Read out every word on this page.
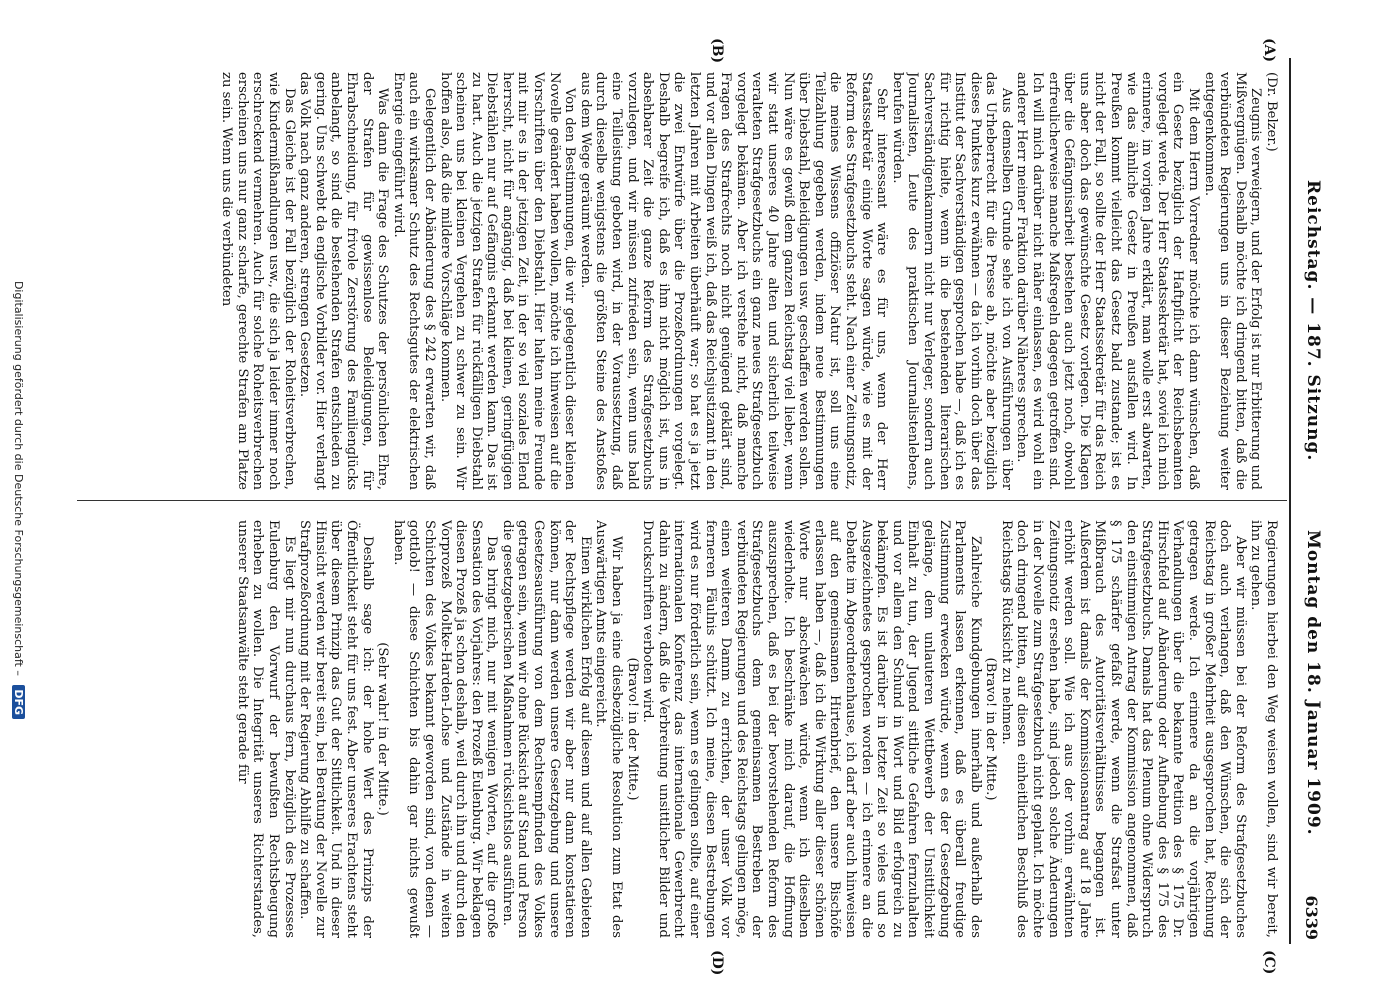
Reichstag. — 187. Sitzung.
Montag den 18. Januar 1909.
6339
(A)
(B)
(C)
(D)

(Dr. Belzer.)

Zeugnis verweigern, und der Erfolg ist nur Erbitterung und Mißvergnügen. Deshalb möchte ich dringend bitten, daß die verbündeten Regierungen uns in dieser Beziehung weiter entgegenkommen.

Mit dem Herrn Vorredner möchte ich dann wünschen, daß ein Gesetz bezüglich der Haftpflicht der Reichsbeamten vorgelegt werde. Der Herr Staatssekretär hat, soviel ich mich erinnere, im vorigen Jahre erklärt, man wolle erst abwarten, wie das ähnliche Gesetz in Preußen ausfallen wird. In Preußen kommt vielleicht das Gesetz bald zustande; ist es nicht der Fall, so sollte der Herr Staatssekretär für das Reich uns aber doch das gewünschte Gesetz vorlegen. Die Klagen über die Gefängnisarbeit bestehen auch jetzt noch, obwohl erfreulicherweise manche Maßregeln dagegen getroffen sind. Ich will mich darüber nicht näher einlassen, es wird wohl ein anderer Herr meiner Fraktion darüber Näheres sprechen.

Aus demselben Grunde sehe ich von Ausführungen über das Urheberrecht für die Presse ab, möchte aber bezüglich dieses Punktes kurz erwähnen — da ich vorhin doch über das Institut der Sachverständigen gesprochen habe —, daß ich es für richtig hielte, wenn in die bestehenden literarischen Sachverständigenkammern nicht nur Verleger, sondern auch Journalisten, Leute des praktischen Journalistenlebens, berufen würden.

Sehr interessant wäre es für uns, wenn der Herr Staatssekretär einige Worte sagen würde, wie es mit der Reform des Strafgesetzbuchs steht. Nach einer Zeitungsnotiz, die meines Wissens offiziöser Natur ist, soll uns eine Teilzahlung gegeben werden, indem neue Bestimmungen über Diebstahl, Beleidigungen usw. geschaffen werden sollen. Nun wäre es gewiß dem ganzen Reichstag viel lieber, wenn wir statt unseres 40 Jahre alten und sicherlich teilweise veralteten Strafgesetzbuchs ein ganz neues Strafgesetzbuch vorgelegt bekämen. Aber ich verstehe nicht, daß manche Fragen des Strafrechts noch nicht genügend geklärt sind, und vor allen Dingen weiß ich, daß das Reichsjustizamt in den letzten Jahren mit Arbeiten überhäuft war; so hat es ja jetzt die zwei Entwürfe über die Prozeßordnungen vorgelegt. Deshalb begreife ich, daß es ihm nicht möglich ist, uns in absehbarer Zeit die ganze Reform des Strafgesetzbuchs vorzulegen, und wir müssen zufrieden sein, wenn uns bald eine Teilleistung geboten wird, in der Voraussetzung, daß durch dieselbe wenigstens die größten Steine des Anstoßes aus dem Wege geräumt werden.

Von den Bestimmungen, die wir gelegentlich dieser kleinen Novelle geändert haben wollen, möchte ich hinweisen auf die Vorschriften über den Diebstahl. Hier halten meine Freunde mit mir es in der jetzigen Zeit, in der so viel soziales Elend herrscht, nicht für angängig, daß bei kleinen, geringfügigen Diebstählen nur auf Gefängnis erkannt werden kann. Das ist zu hart. Auch die jetzigen Strafen für rückfälligen Diebstahl scheinen uns bei kleinen Vergehen zu schwer zu sein. Wir hoffen also, daß die mildere Vorschläge kommen.

Gelegentlich der Abänderung des § 242 erwarten wir, daß auch ein wirksamer Schutz des Rechtsgutes der elektrischen Energie eingeführt wird.

Was dann die Frage des Schutzes der persönlichen Ehre, der Strafen für gewissenlose Beleidigungen, für Ehrabschneidung, für frivole Zerstörung des Familienglücks anbelangt, so sind die bestehenden Strafen entschieden zu gering. Uns schwebt da englische Vorbilder vor. Hier verlangt das Volk nach ganz anderen, strengen Gesetzen.

Das Gleiche ist der Fall bezüglich der Roheitsverbrechen, wie Kindermißhandlungen usw., die sich ja leider immer noch erschreckend vermehren. Auch für solche Roheitsverbrechen erscheinen uns nur ganz scharfe, gerechte Strafen am Platze zu sein. Wenn uns die verbündeten

Regierungen hierbei den Weg weisen wollen, sind wir bereit, ihn zu gehen.

Aber wir müssen bei der Reform des Strafgesetzbuches doch auch verlangen, daß den Wünschen, die sich der Reichstag in großer Mehrheit ausgesprochen hat, Rechnung getragen werde. Ich erinnere da an die vorjährigen Verhandlungen über die bekannte Petition des § 175 Dr. Hirschfeld auf Abänderung oder Aufhebung des § 175 des Strafgesetzbuchs. Damals hat das Plenum ohne Widerspruch den einstimmigen Antrag der Kommission angenommen, daß § 175 schärfer gefaßt werde, wenn die Strafsat unter Mißbrauch des Autoritätsverhältnisses begangen ist. Außerdem ist damals der Kommissionsantrag auf 18 Jahre erhöht werden soll. Wie ich aus der vorhin erwähnten Zeitungsnotiz ersehen habe, sind jedoch solche Änderungen in der Novelle zum Strafgesetzbuch nicht geplant. Ich möchte doch dringend bitten, auf diesen einheitlichen Beschluß des Reichstags Rücksicht zu nehmen.

(Bravo! in der Mitte.)

Zahlreiche Kundgebungen innerhalb und außerhalb des Parlaments lassen erkennen, daß es überall freudige Zustimmung erwecken würde, wenn es der Gesetzgebung gelänge, dem unlauteren Wettbewerb der Unsittlichkeit Einhalt zu tun, der Jugend sittliche Gefahren fernzuhalten und vor allem den Schund in Wort und Bild erfolgreich zu bekämpfen. Es ist darüber in letzter Zeit so vieles und so Ausgezeichnetes gesprochen worden — ich erinnere an die Debatte im Abgeordnetenhause, ich darf aber auch hinweisen auf den gemeinsamen Hirtenbrief, den unsere Bischöfe erlassen haben —, daß ich die Wirkung aller dieser schönen Worte nur abschwächen würde, wenn ich dieselben wiederholte. Ich beschränke mich darauf, die Hoffnung auszusprechen, daß es bei der bevorstehenden Reform des Strafgesetzbuchs dem gemeinsamen Bestreben der verbündeten Regierungen und des Reichstags gelingen möge, einen weiteren Damm zu errichten, der unser Volk vor ferneren Fäulnis schützt. Ich meine, diesen Bestrebungen wird es nur förderlich sein, wenn es gelingen sollte, auf einer internationalen Konferenz das internationale Gewerbrecht dahin zu ändern, daß die Verbreitung unsittlicher Bilder und Druckschriften verboten wird.

(Bravo! in der Mitte.)

Wir haben ja eine diesbezügliche Resolution zum Etat des Auswärtigen Amts eingereicht.

Einen wirklichen Erfolg auf diesem und auf allen Gebieten der Rechtspflege werden wir aber nur dann konstatieren können, nur dann werden unsere Gesetzgebung und unsere Gesetzesausführung von dem Rechtsempfinden des Volkes getragen sein, wenn wir ohne Rücksicht auf Stand und Person die gesetzgeberischen Maßnahmen rücksichtslos ausführen.

Das bringt mich, nur mit wenigen Worten, auf die große Sensation des Vorjahres: den Prozeß Eulenburg. Wir beklagen diesen Prozeß ja schon deshalb, weil durch ihn und durch den Vorprozeß Moltke-Harden-Lohse und Zustände in weiten Schichten des Volkes bekannt geworden sind, von denen — gottlob! — diese Schichten bis dahin gar nichts gewußt haben.

(Sehr wahr! in der Mitte.)

Deshalb sage ich: der hohe Wert des Prinzips der Öffentlichkeit steht für uns fest. Aber unseres Erachtens steht über diesem Prinzip das Gut der Sittlichkeit. Und in dieser Hinsicht werden wir bereit sein, bei Beratung der Novelle zur Strafprozeßordnung mit der Regierung Abhilfe zu schaffen.

Es liegt mir nun durchaus fern, bezüglich des Prozesses Eulenburg den Vorwurf der bewußten Rechtsbeugung erheben zu wollen. Die Integrität unseres Richterstandes, unserer Staatsanwälte steht gerade für

Digitalisierung gefördert durch die Deutsche Forschungsgemeinschaft – DFG
